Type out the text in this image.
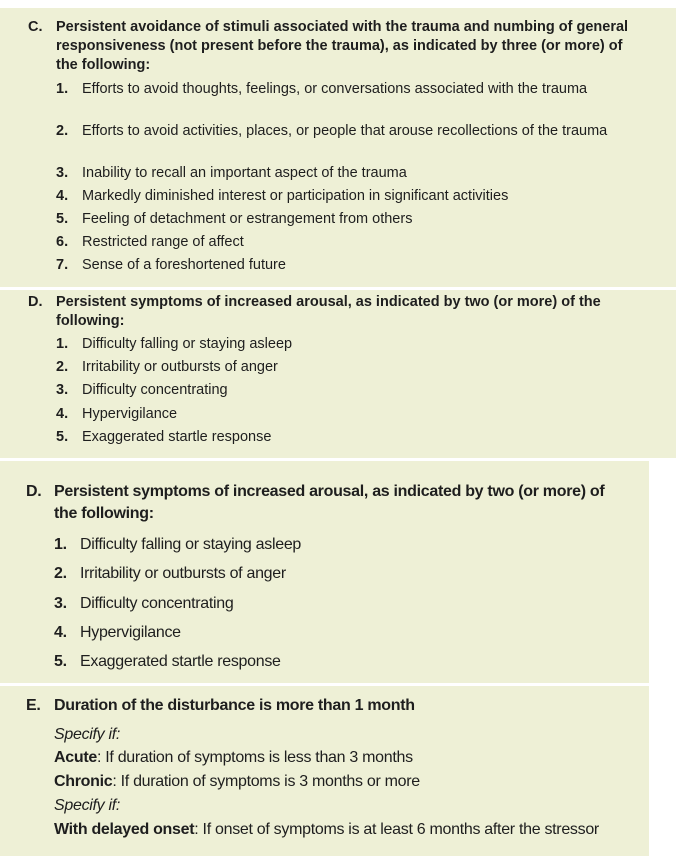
C. Persistent avoidance of stimuli associated with the trauma and numbing of general responsiveness (not present before the trauma), as indicated by three (or more) of the following:
1. Efforts to avoid thoughts, feelings, or conversations associated with the trauma
2. Efforts to avoid activities, places, or people that arouse recollections of the trauma
3. Inability to recall an important aspect of the trauma
4. Markedly diminished interest or participation in significant activities
5. Feeling of detachment or estrangement from others
6. Restricted range of affect
7. Sense of a foreshortened future
D. Persistent symptoms of increased arousal, as indicated by two (or more) of the following:
1. Difficulty falling or staying asleep
2. Irritability or outbursts of anger
3. Difficulty concentrating
4. Hypervigilance
5. Exaggerated startle response
D. Persistent symptoms of increased arousal, as indicated by two (or more) of the following:
1. Difficulty falling or staying asleep
2. Irritability or outbursts of anger
3. Difficulty concentrating
4. Hypervigilance
5. Exaggerated startle response
E. Duration of the disturbance is more than 1 month
Specify if:
Acute: If duration of symptoms is less than 3 months
Chronic: If duration of symptoms is 3 months or more
Specify if:
With delayed onset: If onset of symptoms is at least 6 months after the stressor
